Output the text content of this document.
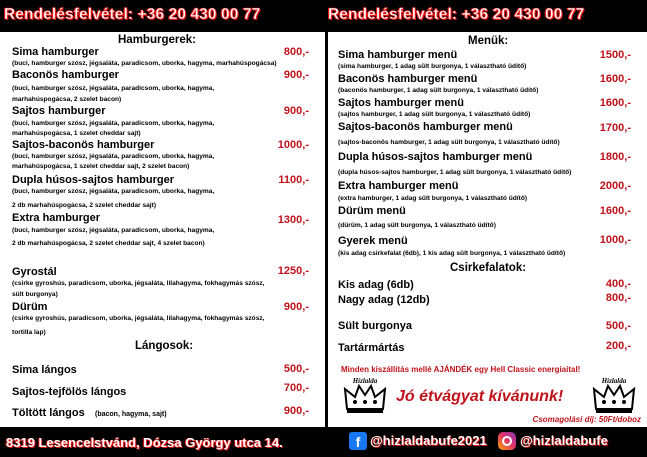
Rendelésfelvétel: +36 20 430 00 77	Rendelésfelvétel: +36 20 430 00 77
Hamburgerek:
Sima hamburger	800,-
(buci, hamburger szósz, jégsaláta, paradicsom, uborka, hagyma, marhahúspogácsa)
Baconös hamburger	900,-
(buci, hamburger szósz, jégsaláta, paradicsom, uborka, hagyma,
marhahúspogácsa, 2 szelet bacon)
Sajtos hamburger	900,-
(buci, hamburger szósz, jégsaláta, paradicsom, uborka, hagyma,
marhahúspogácsa, 1 szelet cheddar sajt)
Sajtos-baconös hamburger	1000,-
(buci, hamburger szósz, jégsaláta, paradicsom, uborka, hagyma,
marhahúspogácsa, 1 szelet cheddar sajt, 2 szelet bacon)
Dupla húsos-sajtos hamburger	1100,-
(buci, hamburger szósz, jégsaláta, paradicsom, uborka, hagyma,
2 db marhahúspogácsa, 2 szelet cheddar sajt)
Extra hamburger	1300,-
(buci, hamburger szósz, jégsaláta, paradicsom, uborka, hagyma,
2 db marhahúspogácsa, 2 szelet cheddar sajt, 4 szelet bacon)
Gyrostál	1250,-
(csirke gyroshús, paradicsom, uborka, jégsaláta, lilahagyma, fokhagymás szósz,
sült burgonya)
Dürüm	900,-
(csirke gyroshús, paradicsom, uborka, jégsaláta, lilahagyma, fokhagymás szósz,
tortilla lap)
Lángosok:
Sima lángos	500,-
Sajtos-tejfölös lángos	700,-
Töltött lángos (bacon, hagyma, sajt)	900,-
Menük:
Sima hamburger menü	1500,-
(sima hamburger, 1 adag sült burgonya, 1 választható üdítő)
Baconös hamburger menü	1600,-
(baconös hamburger, 1 adag sült burgonya, 1 választható üdítő)
Sajtos hamburger menü	1600,-
(sajtos hamburger, 1 adag sült burgonya, 1 választható üdítő)
Sajtos-baconös hamburger menü	1700,-
(sajtos-baconös hamburger, 1 adag sült burgonya, 1 választható üdítő)
Dupla húsos-sajtos hamburger menü	1800,-
(dupla húsos-sajtos hamburger, 1 adag sült burgonya, 1 választható üdítő)
Extra hamburger menü	2000,-
(extra hamburger, 1 adag sült burgonya, 1 választható üdítő)
Dürüm menü	1600,-
(dürüm, 1 adag sült burgonya, 1 választható üdítő)
Gyerek menü	1000,-
(kis adag csirkefalat (6db), 1 kis adag sült burgonya, 1 választható üdítő)
Csirkefalatok:
Kis adag (6db)	400,-
Nagy adag (12db)	800,-
Sült burgonya	500,-
Tartármártás	200,-
Minden kiszállítás mellé AJÁNDÉK egy Hell Classic energiaital!
Hízlalda
Jó étvágyat kívánunk!
Hízlalda
Csomagolási díj: 50Ft/doboz
8319 Lesencelstvánd, Dózsa György utca 14.	f @hizlaldabufe2021	@hizlaldabufe
